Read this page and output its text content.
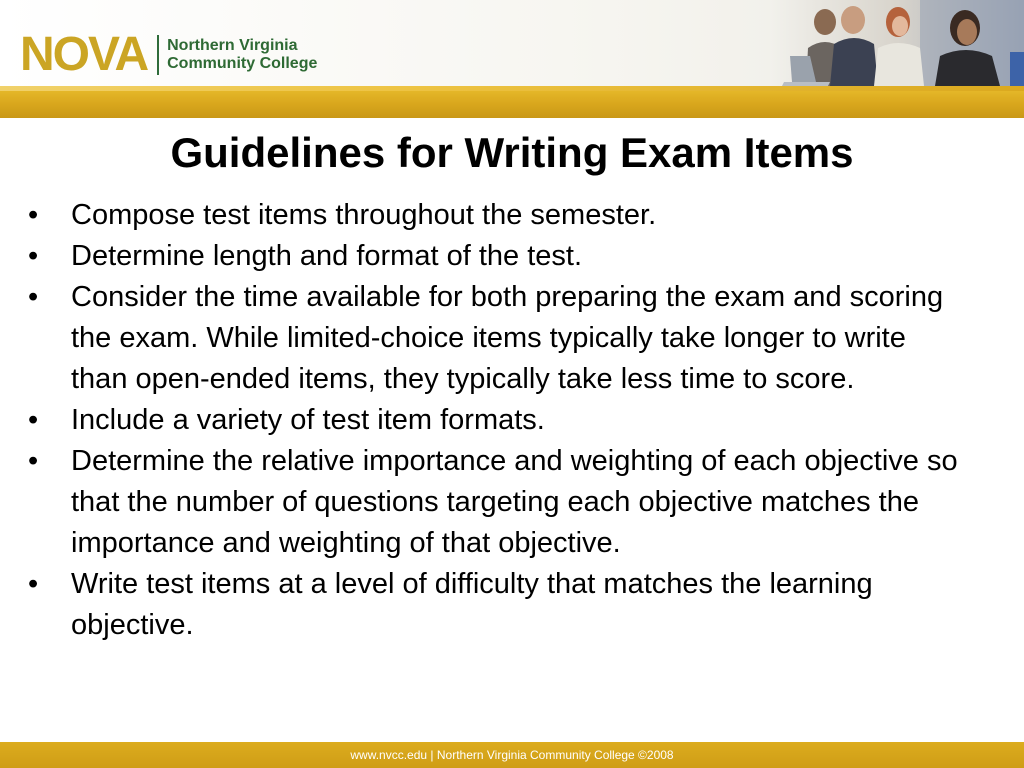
NOVA Northern Virginia
Community College
Guidelines for Writing Exam Items
• Compose test items throughout the semester.
• Determine length and format of the test.
• Consider the time available for both preparing the exam and scoring the exam. While limited-choice items typically take longer to write than open-ended items, they typically take less time to score.
• Include a variety of test item formats.
• Determine the relative importance and weighting of each objective so that the number of questions targeting each objective matches the importance and weighting of that objective.
• Write test items at a level of difficulty that matches the learning objective.
www.nvcc.edu | Northern Virginia Community College ©2008
